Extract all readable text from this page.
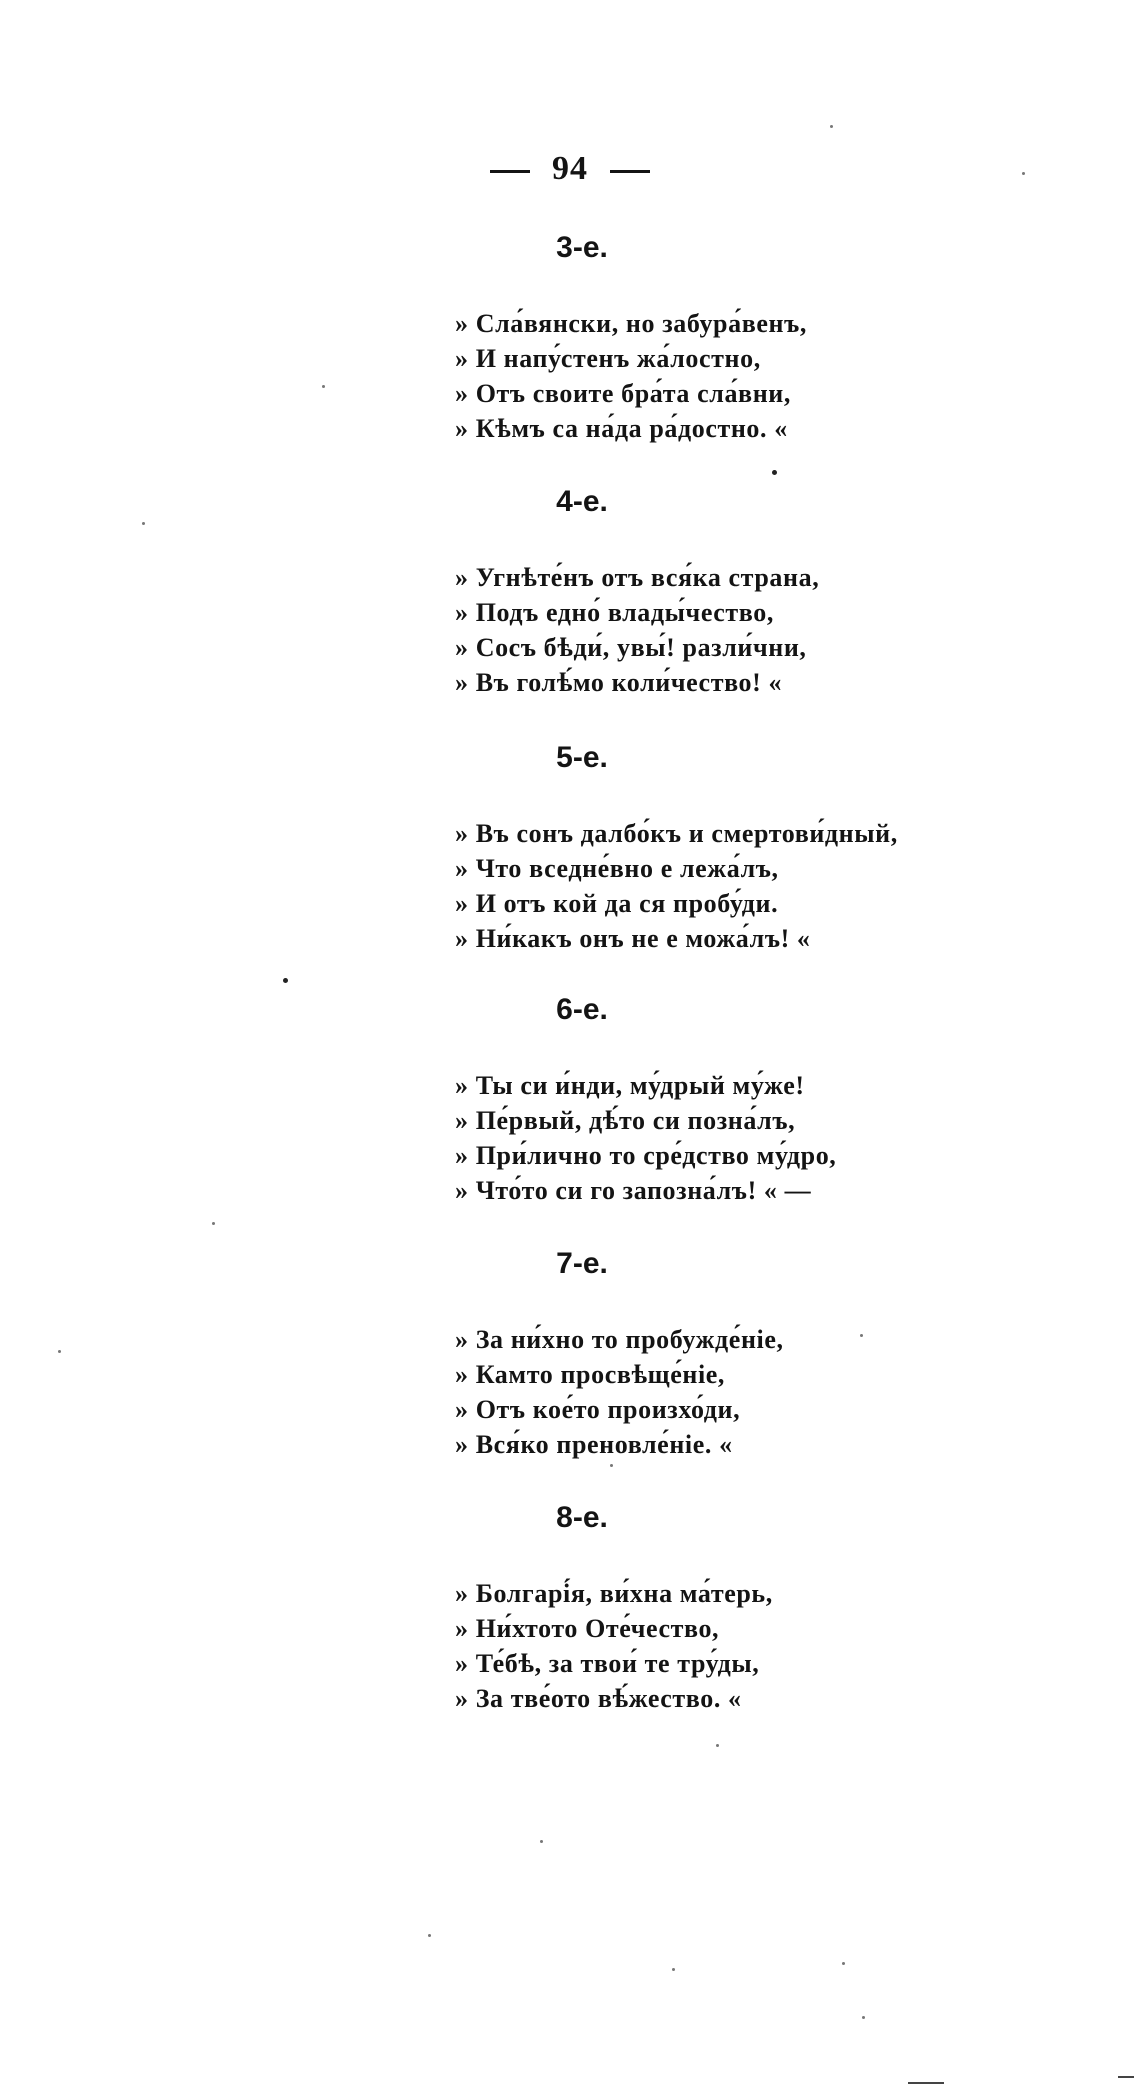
94
3-е.
» Сла́вянски, но забура́венъ,
» И напу́стенъ жа́лостно,
» Отъ своите бра́та сла́вни,
» Кѣмъ са на́да ра́достно. «
4-е.
» Угнѣте́нъ отъ вся́ка страна,
» Подъ едно́ влады́чество,
» Сосъ бѣди́, увы́! разли́чни,
» Въ голѣ́мо коли́чество! «
5-е.
» Въ сонъ далбо́къ и смертови́дный,
» Что вседне́вно е лежа́лъ,
» И отъ кой да ся пробу́ди.
» Ни́какъ онъ не е можа́лъ! «
6-е.
» Ты си и́нди, му́дрый му́же!
» Пе́рвый, дѣ́то си позна́лъ,
» При́лично то сре́дство му́дро,
» Что́то си го запозна́лъ! « —
7-е.
» За ни́хно то пробужде́ніе,
» Камто просвѣще́ніе,
» Отъ кое́то произхо́ди,
» Вся́ко преновле́ніе. «
8-е.
» Болгарі́я, ви́хна ма́терь,
» Ни́хтото Оте́чество,
» Те́бѣ, за твои́ те тру́ды,
» За тве́ото вѣ́жество. «
